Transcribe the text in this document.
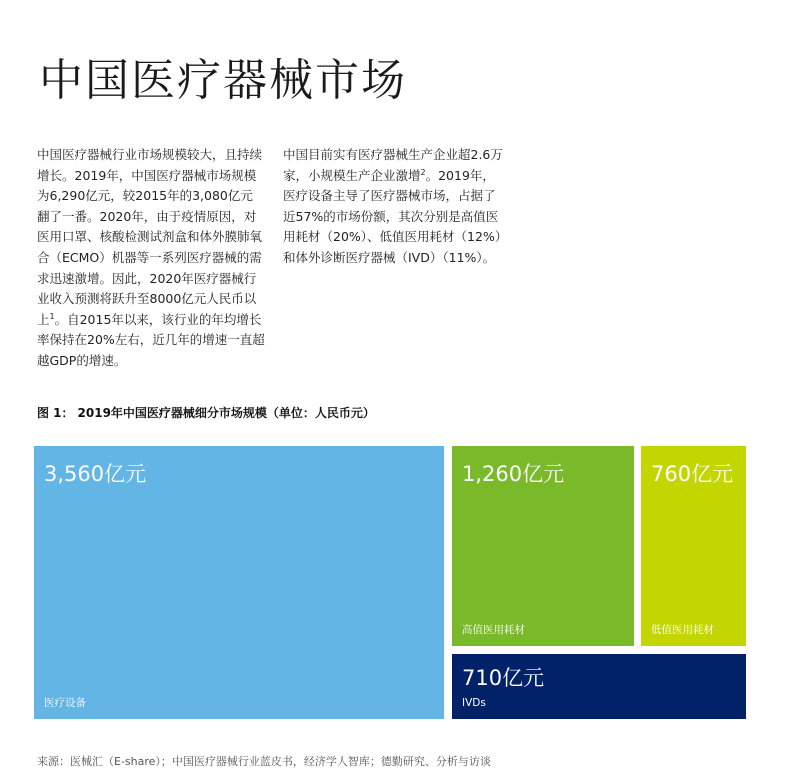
中国医疗器械市场
中国医疗器械行业市场规模较大，且持续增长。2019年，中国医疗器械市场规模为6,290亿元，较2015年的3,080亿元翻了一番。2020年，由于疫情原因，对医用口罩、核酸检测试剂盒和体外膜肺氧合（ECMO）机器等一系列医疗器械的需求迅速激增。因此，2020年医疗器械行业收入预测将跃升至8000亿元人民币以上$^1$。自2015年以来，该行业的年均增长率保持在20%左右，近几年的增速一直超越GDP的增速。
中国目前实有医疗器械生产企业超2.6万家，小规模生产企业激增$^2$。2019年，医疗设备主导了医疗器械市场，占据了近57%的市场份额，其次分别是高值医用耗材（20%）、低值医用耗材（12%）和体外诊断医疗器械（IVD）（11%）。
图 1： 2019年中国医疗器械细分市场规模（单位：人民币元）
3,560亿元
医疗设备
1,260亿元
高值医用耗材
760亿元
低值医用耗材
710亿元
IVDs
来源：医械汇（E-share）；中国医疗器械行业蓝皮书，经济学人智库；德勤研究、分析与访谈
